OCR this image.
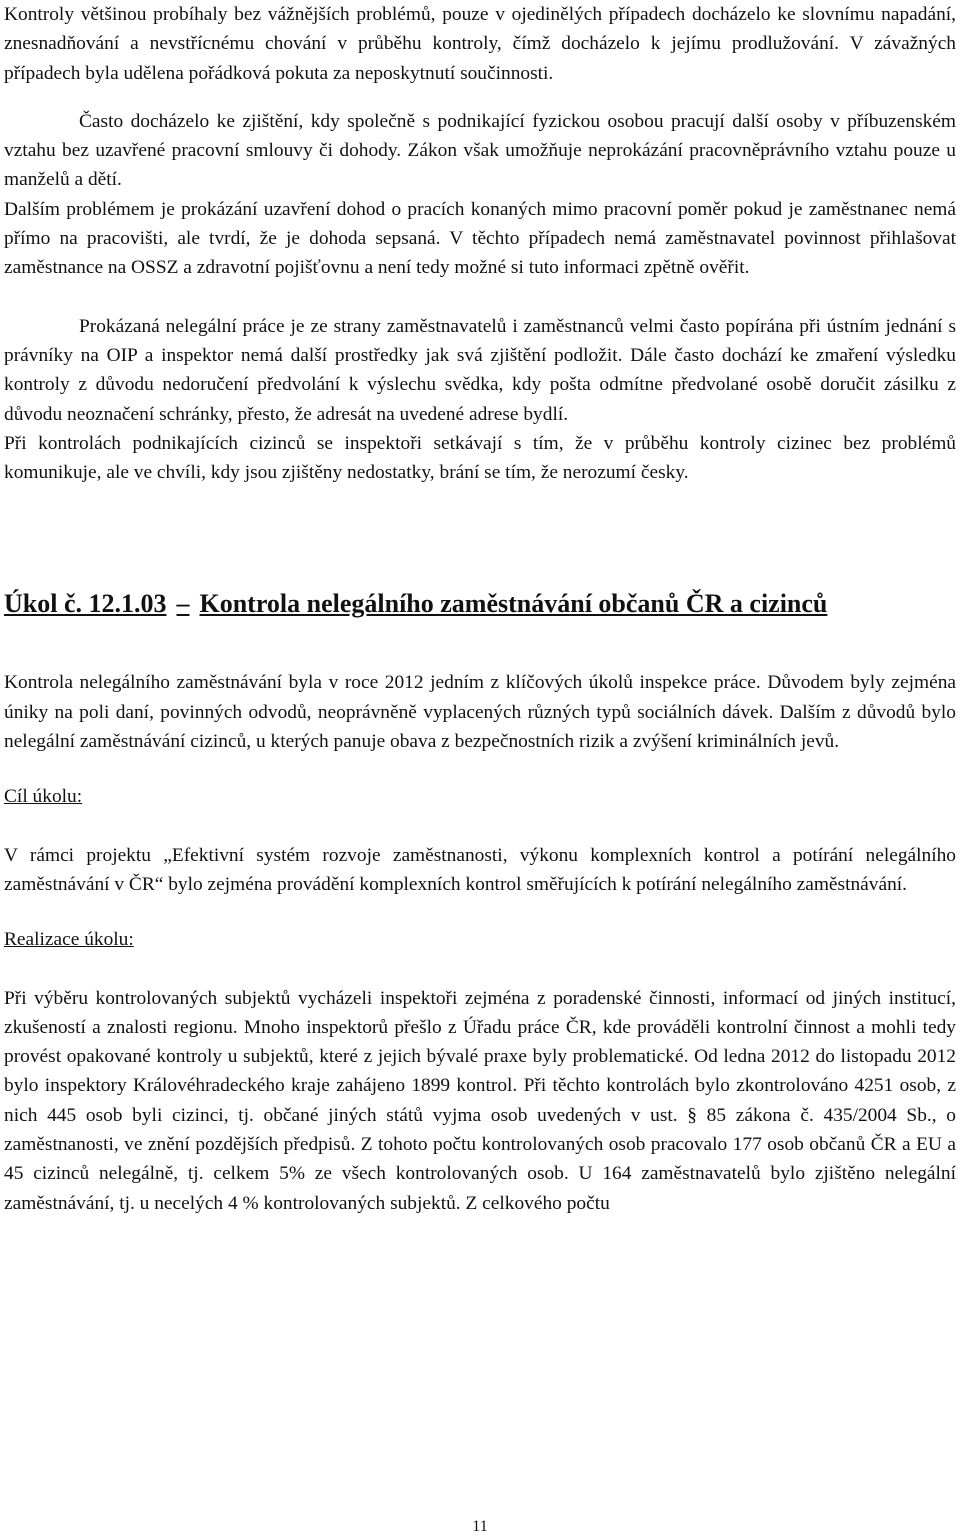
Kontroly většinou probíhaly bez vážnějších problémů, pouze v ojedinělých případech docházelo ke slovnímu napadání, znesnadňování a nevstřícnému chování v průběhu kontroly, čímž docházelo k jejímu prodlužování. V závažných případech byla udělena pořádková pokuta za neposkytnutí součinnosti.

Často docházelo ke zjištění, kdy společně s podnikající fyzickou osobou pracují další osoby v příbuzenském vztahu bez uzavřené pracovní smlouvy či dohody. Zákon však umožňuje neprokázání pracovněprávního vztahu pouze u manželů a dětí.

Dalším problémem je prokázání uzavření dohod o pracích konaných mimo pracovní poměr pokud je zaměstnanec nemá přímo na pracovišti, ale tvrdí, že je dohoda sepsaná. V těchto případech nemá zaměstnavatel povinnost přihlašovat zaměstnance na OSSZ a zdravotní pojišťovnu a není tedy možné si tuto informaci zpětně ověřit.

Prokázaná nelegální práce je ze strany zaměstnavatelů i zaměstnanců velmi často popírána při ústním jednání s právníky na OIP a inspektor nemá další prostředky jak svá zjištění podložit. Dále často dochází ke zmaření výsledku kontroly z důvodu nedoručení předvolání k výslechu svědka, kdy pošta odmítne předvolané osobě doručit zásilku z důvodu neoznačení schránky, přesto, že adresát na uvedené adrese bydlí.

Při kontrolách podnikajících cizinců se inspektoři setkávají s tím, že v průběhu kontroly cizinec bez problémů komunikuje, ale ve chvíli, kdy jsou zjištěny nedostatky, brání se tím, že nerozumí česky.

Úkol č. 12.1.03 – Kontrola nelegálního zaměstnávání občanů ČR a cizinců

Kontrola nelegálního zaměstnávání byla v roce 2012 jedním z klíčových úkolů inspekce práce. Důvodem byly zejména úniky na poli daní, povinných odvodů, neoprávněně vyplacených různých typů sociálních dávek. Dalším z důvodů bylo nelegální zaměstnávání cizinců, u kterých panuje obava z bezpečnostních rizik a zvýšení kriminálních jevů.

Cíl úkolu:

V rámci projektu „Efektivní systém rozvoje zaměstnanosti, výkonu komplexních kontrol a potírání nelegálního zaměstnávání v ČR“ bylo zejména provádění komplexních kontrol směřujících k potírání nelegálního zaměstnávání.

Realizace úkolu:

Při výběru kontrolovaných subjektů vycházeli inspektoři zejména z poradenské činnosti, informací od jiných institucí, zkušeností a znalosti regionu. Mnoho inspektorů přešlo z Úřadu práce ČR, kde prováděli kontrolní činnost a mohli tedy provést opakované kontroly u subjektů, které z jejich bývalé praxe byly problematické. Od ledna 2012 do listopadu 2012 bylo inspektory Královéhradeckého kraje zahájeno 1899 kontrol. Při těchto kontrolách bylo zkontrolováno 4251 osob, z nich 445 osob byli cizinci, tj. občané jiných států vyjma osob uvedených v ust. § 85 zákona č. 435/2004 Sb., o zaměstnanosti, ve znění pozdějších předpisů. Z tohoto počtu kontrolovaných osob pracovalo 177 osob občanů ČR a EU a 45 cizinců nelegálně, tj. celkem 5% ze všech kontrolovaných osob. U 164 zaměstnavatelů bylo zjištěno nelegální zaměstnávání, tj. u necelých 4 % kontrolovaných subjektů. Z celkového počtu

11
